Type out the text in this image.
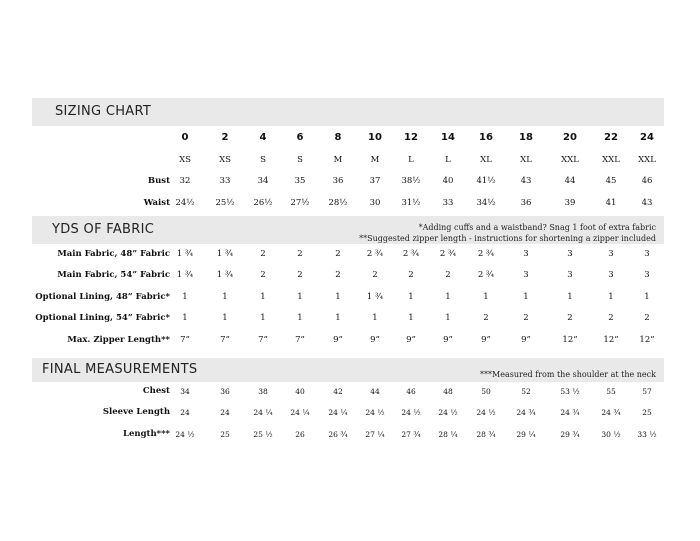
SIZING CHART
YDS OF FABRIC	*Adding cuffs and a waistband? Snag 1 foot of extra fabric
**Suggested zipper length - instructions for shortening a zipper included
FINAL MEASUREMENTS	***Measured from the shoulder at the neck
0	2	4	6	8	10	12	14	16	18	20	22	24
XS	XS	S	S	M	M	L	L	XL	XL	XXL	XXL	XXL
Bust	32	33	34	35	36	37	38½	40	41½	43	44	45	46
Waist 24½	25½	26½	27½	28½	30	31½	33	34½	36	39	41	43
Main Fabric, 48” Fabric 1 ¾	1 ¾	2	2	2	2 ¾	2 ¾	2 ¾	2 ¾	3	3	3	3
Main Fabric, 54” Fabric 1 ¾	1 ¾	2	2	2	2	2	2	2 ¾	3	3	3	3
Optional Lining, 48” Fabric*	1	1	1	1	1	1 ¾	1	1	1	1	1	1	1
Optional Lining, 54” Fabric*	1	1	1	1	1	1	1	1	2	2	2	2	2
Max. Zipper Length**	7”	7”	7”	7”	9”	9”	9”	9”	9”	9”	12”	12”	12”
Chest	34	36	38	40	42	44	46	48	50	52	53 ½	55	57
Sleeve Length	24	24	24 ¼	24 ¼	24 ¼	24 ½	24 ½	24 ½	24 ½	24 ¾	24 ¾	24 ¾	25
Length*** 24 ½	25	25 ½	26	26 ¾	27 ¼	27 ¾	28 ¼	28 ¾	29 ¼	29 ¾	30 ½	33 ½
